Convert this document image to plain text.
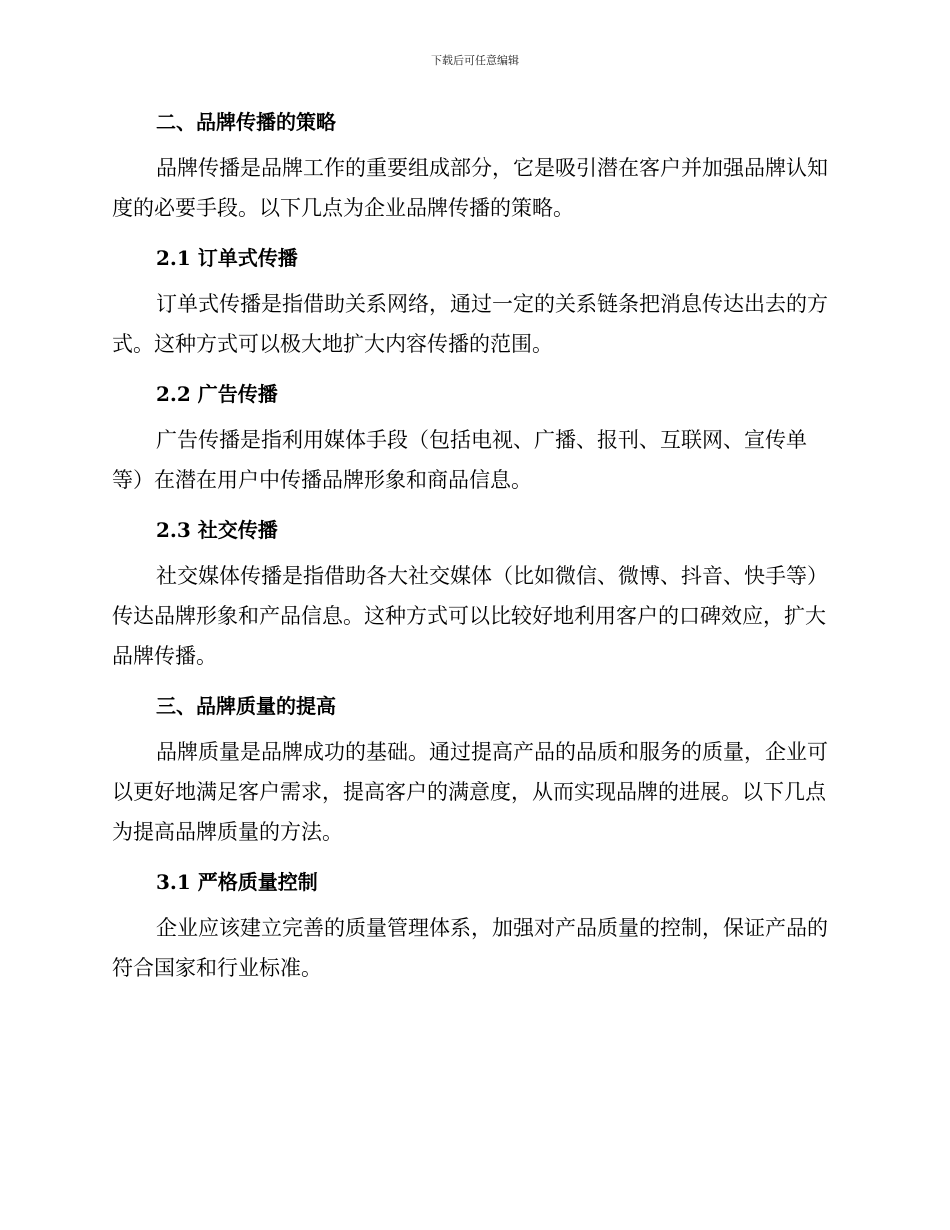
下载后可任意编辑
二、品牌传播的策略

品牌传播是品牌工作的重要组成部分，它是吸引潜在客户并加强品牌认知度的必要手段。以下几点为企业品牌传播的策略。

2.1 订单式传播

订单式传播是指借助关系网络，通过一定的关系链条把消息传达出去的方式。这种方式可以极大地扩大内容传播的范围。

2.2 广告传播

广告传播是指利用媒体手段（包括电视、广播、报刊、互联网、宣传单等）在潜在用户中传播品牌形象和商品信息。

2.3 社交传播

社交媒体传播是指借助各大社交媒体（比如微信、微博、抖音、快手等）传达品牌形象和产品信息。这种方式可以比较好地利用客户的口碑效应，扩大品牌传播。

三、品牌质量的提高

品牌质量是品牌成功的基础。通过提高产品的品质和服务的质量，企业可以更好地满足客户需求，提高客户的满意度，从而实现品牌的进展。以下几点为提高品牌质量的方法。

3.1 严格质量控制

企业应该建立完善的质量管理体系，加强对产品质量的控制，保证产品的符合国家和行业标准。
